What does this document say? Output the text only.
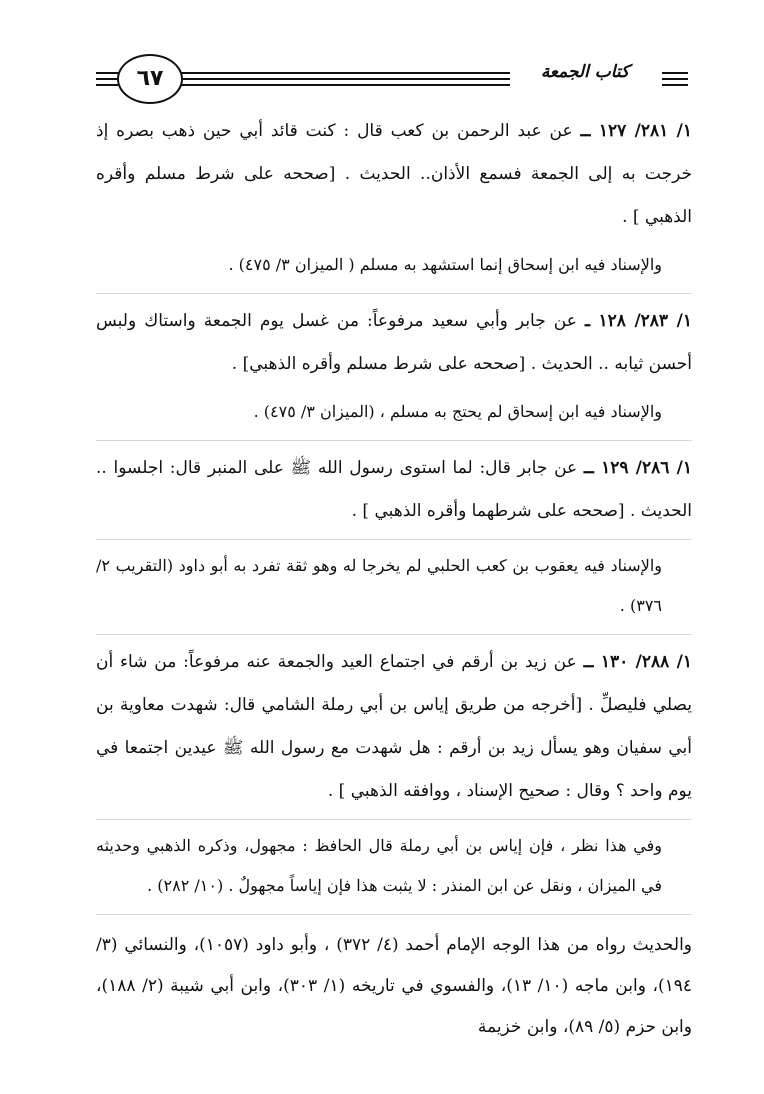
كتاب الجمعة
٦٧

١/ ٢٨١/ ١٢٧ ــ عن عبد الرحمن بن كعب قال : كنت قائد أبي حين ذهب بصره إذ خرجت به إلى الجمعة فسمع الأذان.. الحديث . [صححه على شرط مسلم وأقره الذهبي ] .

والإسناد فيه ابن إسحاق إنما استشهد به مسلم ( الميزان ٣/ ٤٧٥) .

١/ ٢٨٣/ ١٢٨ ـ عن جابر وأبي سعيد مرفوعاً: من غسل يوم الجمعة واستاك ولبس أحسن ثيابه .. الحديث . [صححه على شرط مسلم وأقره الذهبي] .

والإسناد فيه ابن إسحاق لم يحتج به مسلم ، (الميزان ٣/ ٤٧٥) .

١/ ٢٨٦/ ١٢٩ ــ عن جابر قال: لما استوى رسول الله ﷺ على المنبر قال: اجلسوا .. الحديث . [صححه على شرطهما وأقره الذهبي ] .

والإسناد فيه يعقوب بن كعب الحلبي لم يخرجا له وهو ثقة تفرد به أبو داود (التقريب ٢/ ٣٧٦) .

١/ ٢٨٨/ ١٣٠ ــ عن زيد بن أرقم في اجتماع العيد والجمعة عنه مرفوعاً: من شاء أن يصلي فليصلِّ . [أخرجه من طريق إياس بن أبي رملة الشامي قال: شهدت معاوية بن أبي سفيان وهو يسأل زيد بن أرقم : هل شهدت مع رسول الله ﷺ عيدين اجتمعا في يوم واحد ؟ وقال : صحيح الإسناد ، ووافقه الذهبي ] .

وفي هذا نظر ، فإن إياس بن أبي رملة قال الحافظ : مجهول، وذكره الذهبي وحديثه في الميزان ، ونقل عن ابن المنذر : لا يثبت هذا فإن إياساً مجهولٌ . (١٠/ ٢٨٢) .

والحديث رواه من هذا الوجه الإمام أحمد (٤/ ٣٧٢) ، وأبو داود (١٠٥٧)، والنسائي (٣/ ١٩٤)، وابن ماجه (١٠/ ١٣)، والفسوي في تاريخه (١/ ٣٠٣)، وابن أبي شيبة (٢/ ١٨٨)، وابن حزم (٥/ ٨٩)، وابن خزيمة
